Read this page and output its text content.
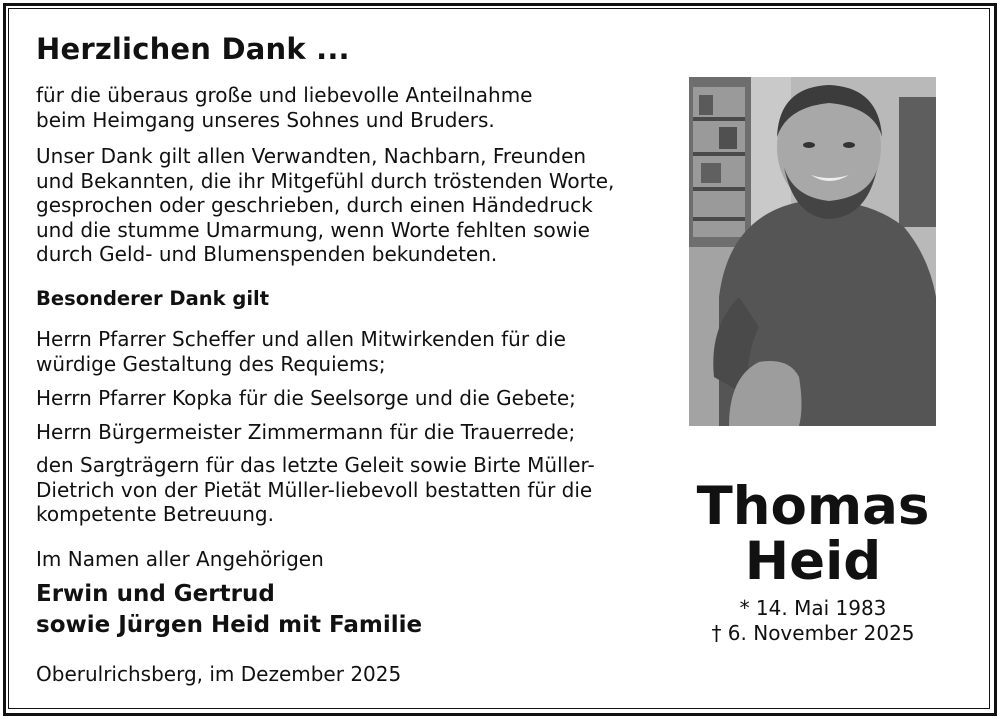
Herzlichen Dank ...
für die überaus große und liebevolle Anteilnahme
beim Heimgang unseres Sohnes und Bruders.
Unser Dank gilt allen Verwandten, Nachbarn, Freunden
und Bekannten, die ihr Mitgefühl durch tröstenden Worte,
gesprochen oder geschrieben, durch einen Händedruck
und die stumme Umarmung, wenn Worte fehlten sowie
durch Geld- und Blumenspenden bekundeten.
Besonderer Dank gilt
Herrn Pfarrer Scheffer und allen Mitwirkenden für die
würdige Gestaltung des Requiems;
Herrn Pfarrer Kopka für die Seelsorge und die Gebete;
Herrn Bürgermeister Zimmermann für die Trauerrede;
den Sargträgern für das letzte Geleit sowie Birte Müller-
Dietrich von der Pietät Müller-liebevoll bestatten für die
kompetente Betreuung.
Im Namen aller Angehörigen
Erwin und Gertrud
sowie Jürgen Heid mit Familie
Oberulrichsberg, im Dezember 2025
Thomas
Heid
* 14. Mai 1983
† 6. November 2025
